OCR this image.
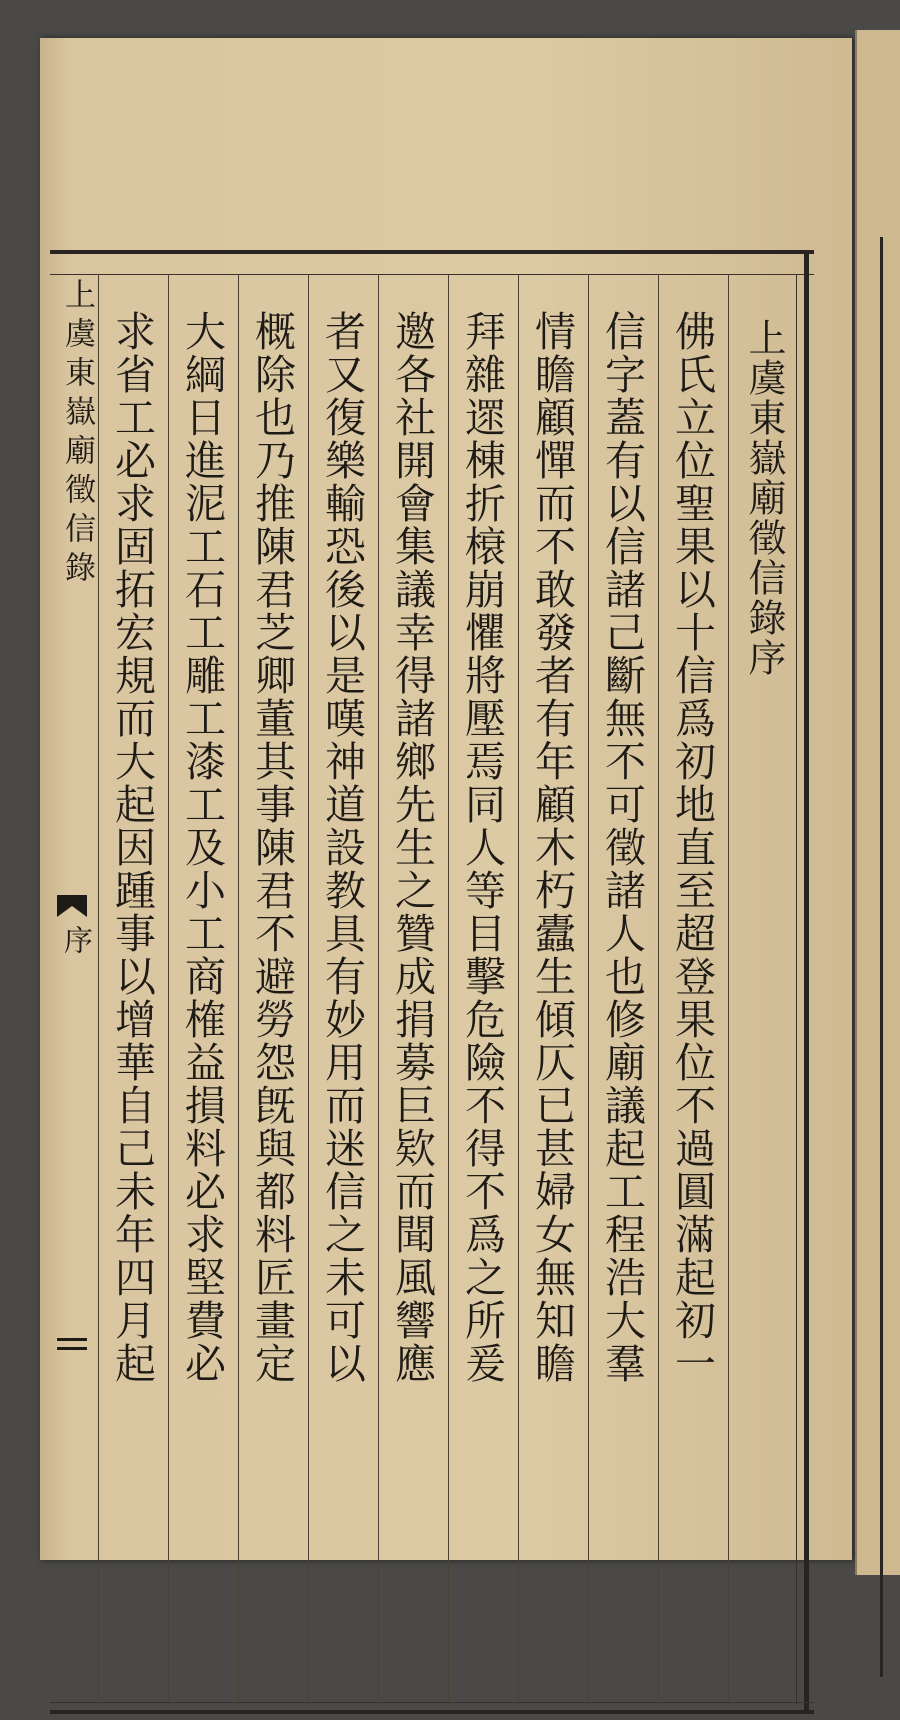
上虞東嶽廟徵信錄
序
上虞東嶽廟徵信錄序
佛氏立位聖果以十信爲初地直至超登果位不過圓滿起初一
信字蓋有以信諸己斷無不可徵諸人也修廟議起工程浩大羣
情瞻顧憚而不敢發者有年顧木朽蠹生傾仄已甚婦女無知瞻
拜雜遝棟折榱崩懼將壓焉同人等目擊危險不得不爲之所爰
邀各社開會集議幸得諸鄉先生之贊成捐募巨欵而聞風響應
者又復樂輸恐後以是嘆神道設教具有妙用而迷信之未可以
概除也乃推陳君芝卿董其事陳君不避勞怨旣與都料匠畫定
大綱日進泥工石工雕工漆工及小工商榷益損料必求堅費必
求省工必求固拓宏規而大起因踵事以增華自己未年四月起
